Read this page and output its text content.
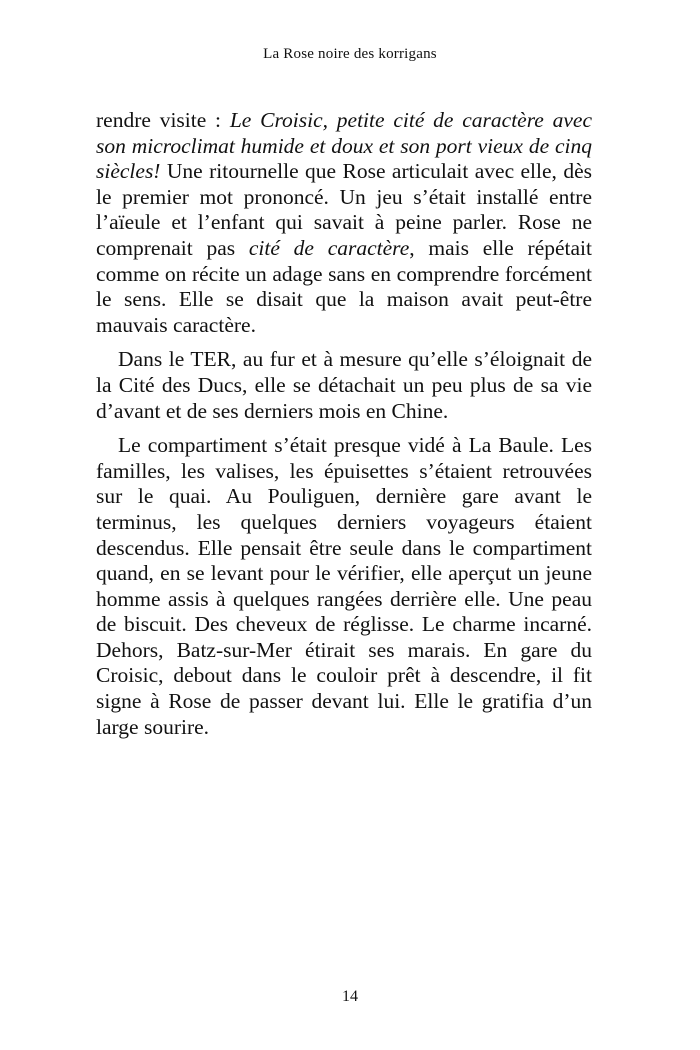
La Rose noire des korrigans

rendre visite : Le Croisic, petite cité de caractère avec son microclimat humide et doux et son port vieux de cinq siècles! Une ritournelle que Rose articulait avec elle, dès le premier mot prononcé. Un jeu s’était installé entre l’aïeule et l’enfant qui savait à peine parler. Rose ne comprenait pas cité de caractère, mais elle répétait comme on récite un adage sans en comprendre forcément le sens. Elle se disait que la maison avait peut-être mauvais caractère.

Dans le TER, au fur et à mesure qu’elle s’éloignait de la Cité des Ducs, elle se détachait un peu plus de sa vie d’avant et de ses derniers mois en Chine.

Le compartiment s’était presque vidé à La Baule. Les familles, les valises, les épuisettes s’étaient retrouvées sur le quai. Au Pouliguen, dernière gare avant le terminus, les quelques derniers voyageurs étaient descendus. Elle pensait être seule dans le compartiment quand, en se levant pour le vérifier, elle aperçut un jeune homme assis à quelques rangées derrière elle. Une peau de biscuit. Des cheveux de réglisse. Le charme incarné. Dehors, Batz-sur-Mer étirait ses marais. En gare du Croisic, debout dans le couloir prêt à descendre, il fit signe à Rose de passer devant lui. Elle le gratifia d’un large sourire.

14
